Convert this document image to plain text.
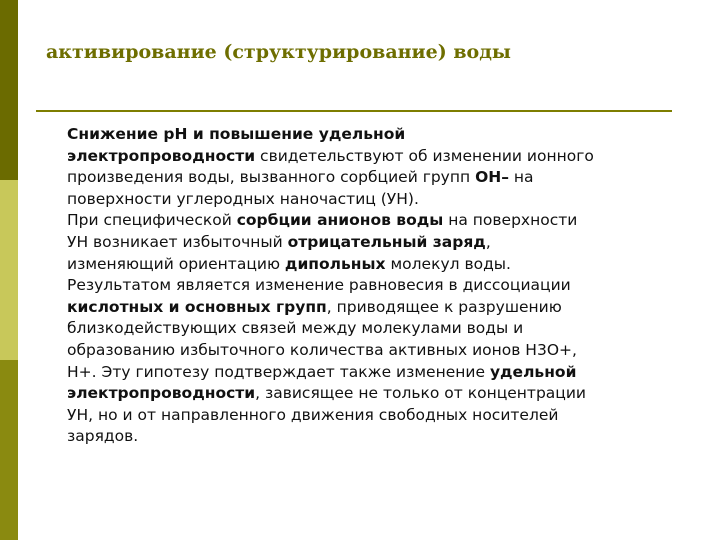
активирование (структурирование) воды
Снижение рН и повышение удельной
электропроводности свидетельствуют об изменении ионного
произведения воды, вызванного сорбцией групп ОН– на
поверхности углеродных наночастиц (УН).
При специфической сорбции анионов воды на поверхности
УН возникает избыточный отрицательный заряд,
изменяющий ориентацию дипольных молекул воды.
Результатом является изменение равновесия в диссоциации
кислотных и основных групп, приводящее к разрушению
близкодействующих связей между молекулами воды и
образованию избыточного количества активных ионов Н3О+,
Н+. Эту гипотезу подтверждает также изменение удельной
электропроводности, зависящее не только от концентрации
УН, но и от направленного движения свободных носителей
зарядов.
